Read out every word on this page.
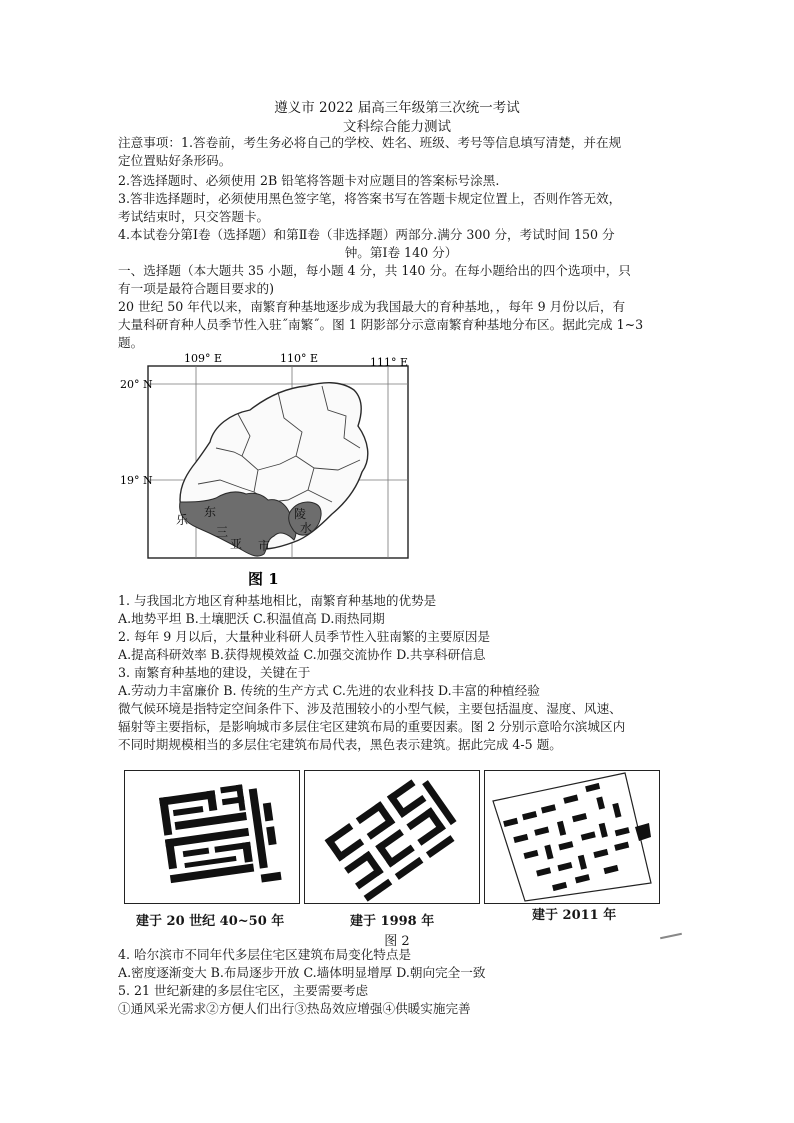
遵义市 2022 届高三年级第三次统一考试
文科综合能力测试
注意事项：1.答卷前，考生务必将自己的学校、姓名、班级、考号等信息填写清楚，并在规
定位置贴好条形码。
2.答选择题时、必须使用 2B 铅笔将答题卡对应题目的答案标号涂黑.
3.答非选择题时，必须使用黑色签字笔，将答案书写在答题卡规定位置上，否则作答无效，
考试结束时，只交答题卡。
4.本试卷分第Ⅰ卷（选择题）和第Ⅱ卷（非选择题）两部分.满分 300 分，考试时间 150 分
钟。第Ⅰ卷 140 分）
一、选择题（本大题共 35 小题，每小题 4 分，共 140 分。在每小题给出的四个选项中，只
有一项是最符合题目要求的)
20 世纪 50 年代以来，南繁育种基地逐步成为我国最大的育种基地，，每年 9 月份以后，有
大量科研育种人员季节性入驻˝南繁˝。图 1 阴影部分示意南繁育种基地分布区。据此完成 1~3
题。
109° E	110° E	111° E
20° N
19° N
乐
东
三
亚 市
陵
水
图 1
1. 与我国北方地区育种基地相比，南繁育种基地的优势是
A.地势平坦 B.土壤肥沃 C.积温值高 D.雨热同期
2. 每年 9 月以后，大量种业科研人员季节性入驻南繁的主要原因是
A.提高科研效率 B.获得规模效益 C.加强交流协作 D.共享科研信息
3. 南繁育种基地的建设，关键在于
A.劳动力丰富廉价 B. 传统的生产方式 C.先进的农业科技 D.丰富的种植经验
微气候环境是指特定空间条件下、涉及范围较小的小型气候，主要包括温度、湿度、风速、
辐射等主要指标，是影响城市多层住宅区建筑布局的重要因素。图 2 分别示意哈尔滨城区内
不同时期规模相当的多层住宅建筑布局代表，黑色表示建筑。据此完成 4-5 题。
建于 20 世纪 40~50 年	建于 1998 年	建于 2011 年
图 2
4. 哈尔滨市不同年代多层住宅区建筑布局变化特点是
A.密度逐渐变大 B.布局逐步开放 C.墙体明显增厚 D.朝向完全一致
5. 21 世纪新建的多层住宅区，主要需要考虑
①通风采光需求②方便人们出行③热岛效应增强④供暖实施完善
